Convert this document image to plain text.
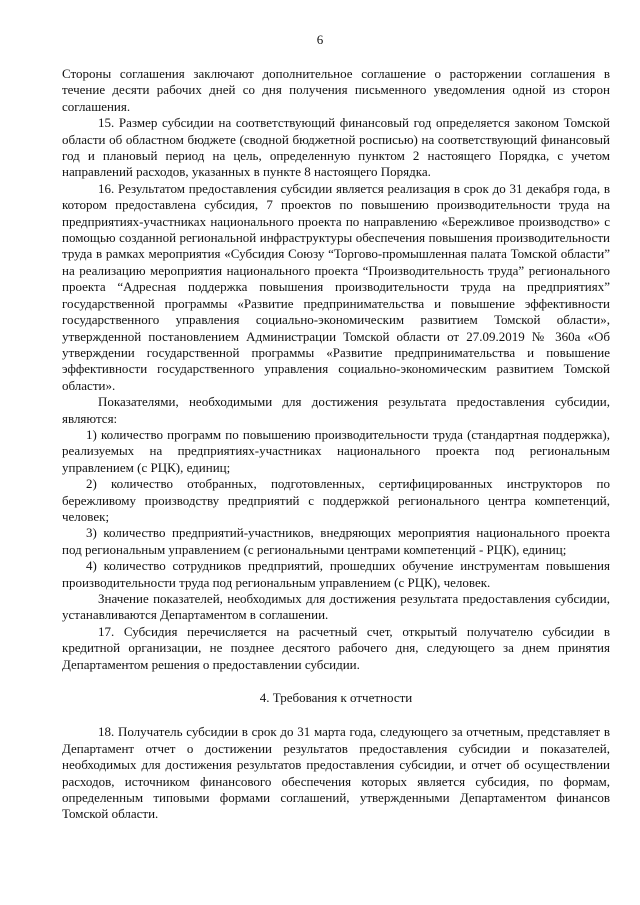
6

Стороны соглашения заключают дополнительное соглашение о расторжении соглашения в течение десяти рабочих дней со дня получения письменного уведомления одной из сторон соглашения.

15. Размер субсидии на соответствующий финансовый год определяется законом Томской области об областном бюджете (сводной бюджетной росписью) на соответствующий финансовый год и плановый период на цель, определенную пунктом 2 настоящего Порядка, с учетом направлений расходов, указанных в пункте 8 настоящего Порядка.

16. Результатом предоставления субсидии является реализация в срок до 31 декабря года, в котором предоставлена субсидия, 7 проектов по повышению производительности труда на предприятиях-участниках национального проекта по направлению «Бережливое производство» с помощью созданной региональной инфраструктуры обеспечения повышения производительности труда в рамках мероприятия «Субсидия Союзу “Торгово-промышленная палата Томской области” на реализацию мероприятия национального проекта “Производительность труда” регионального проекта “Адресная поддержка повышения производительности труда на предприятиях” государственной программы «Развитие предпринимательства и повышение эффективности государственного управления социально-экономическим развитием Томской области», утвержденной постановлением Администрации Томской области от 27.09.2019 № 360а «Об утверждении государственной программы «Развитие предпринимательства и повышение эффективности государственного управления социально-экономическим развитием Томской области».

Показателями, необходимыми для достижения результата предоставления субсидии, являются:

1) количество программ по повышению производительности труда (стандартная поддержка), реализуемых на предприятиях-участниках национального проекта под региональным управлением (с РЦК), единиц;

2) количество отобранных, подготовленных, сертифицированных инструкторов по бережливому производству предприятий с поддержкой регионального центра компетенций, человек;

3) количество предприятий-участников, внедряющих мероприятия национального проекта под региональным управлением (с региональными центрами компетенций - РЦК), единиц;

4) количество сотрудников предприятий, прошедших обучение инструментам повышения производительности труда под региональным управлением (с РЦК), человек.

Значение показателей, необходимых для достижения результата предоставления субсидии, устанавливаются Департаментом в соглашении.

17. Субсидия перечисляется на расчетный счет, открытый получателю субсидии в кредитной организации, не позднее десятого рабочего дня, следующего за днем принятия Департаментом решения о предоставлении субсидии.

4. Требования к отчетности

18. Получатель субсидии в срок до 31 марта года, следующего за отчетным, представляет в Департамент отчет о достижении результатов предоставления субсидии и показателей, необходимых для достижения результатов предоставления субсидии, и отчет об осуществлении расходов, источником финансового обеспечения которых является субсидия, по формам, определенным типовыми формами соглашений, утвержденными Департаментом финансов Томской области.
